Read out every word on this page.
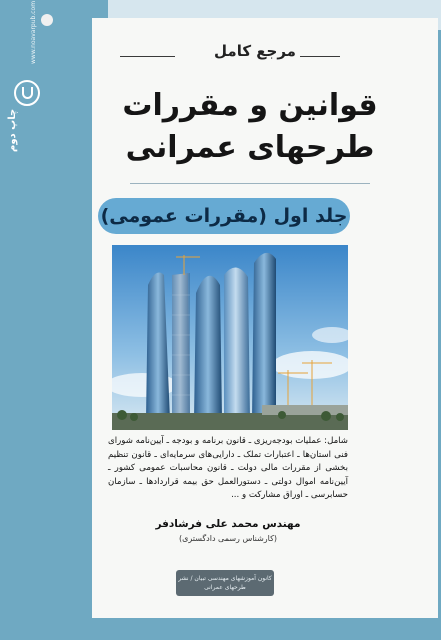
www.noavarpub.com
چاپ دوم
مرجع کامل
قوانین و مقررات
طرحهای عمرانی
جلد اول (مقررات عمومی)
شامل: عملیات بودجه‌ریزی ـ قانون برنامه و بودجه ـ آیین‌نامه شورای فنی استان‌ها ـ اعتبارات تملک ـ دارایی‌های سرمایه‌ای ـ قانون تنظیم بخشی از مقررات مالی دولت ـ قانون محاسبات عمومی کشور ـ آیین‌نامه اموال دولتی ـ دستورالعمل حق بیمه قراردادها ـ سازمان حسابرسی ـ اوراق مشارکت و ...
مهندس محمد علی فرشادفر
(کارشناس رسمی دادگستری)
کانون آموزشهای مهندسی تبیان / نشر طرحهای عمرانی
